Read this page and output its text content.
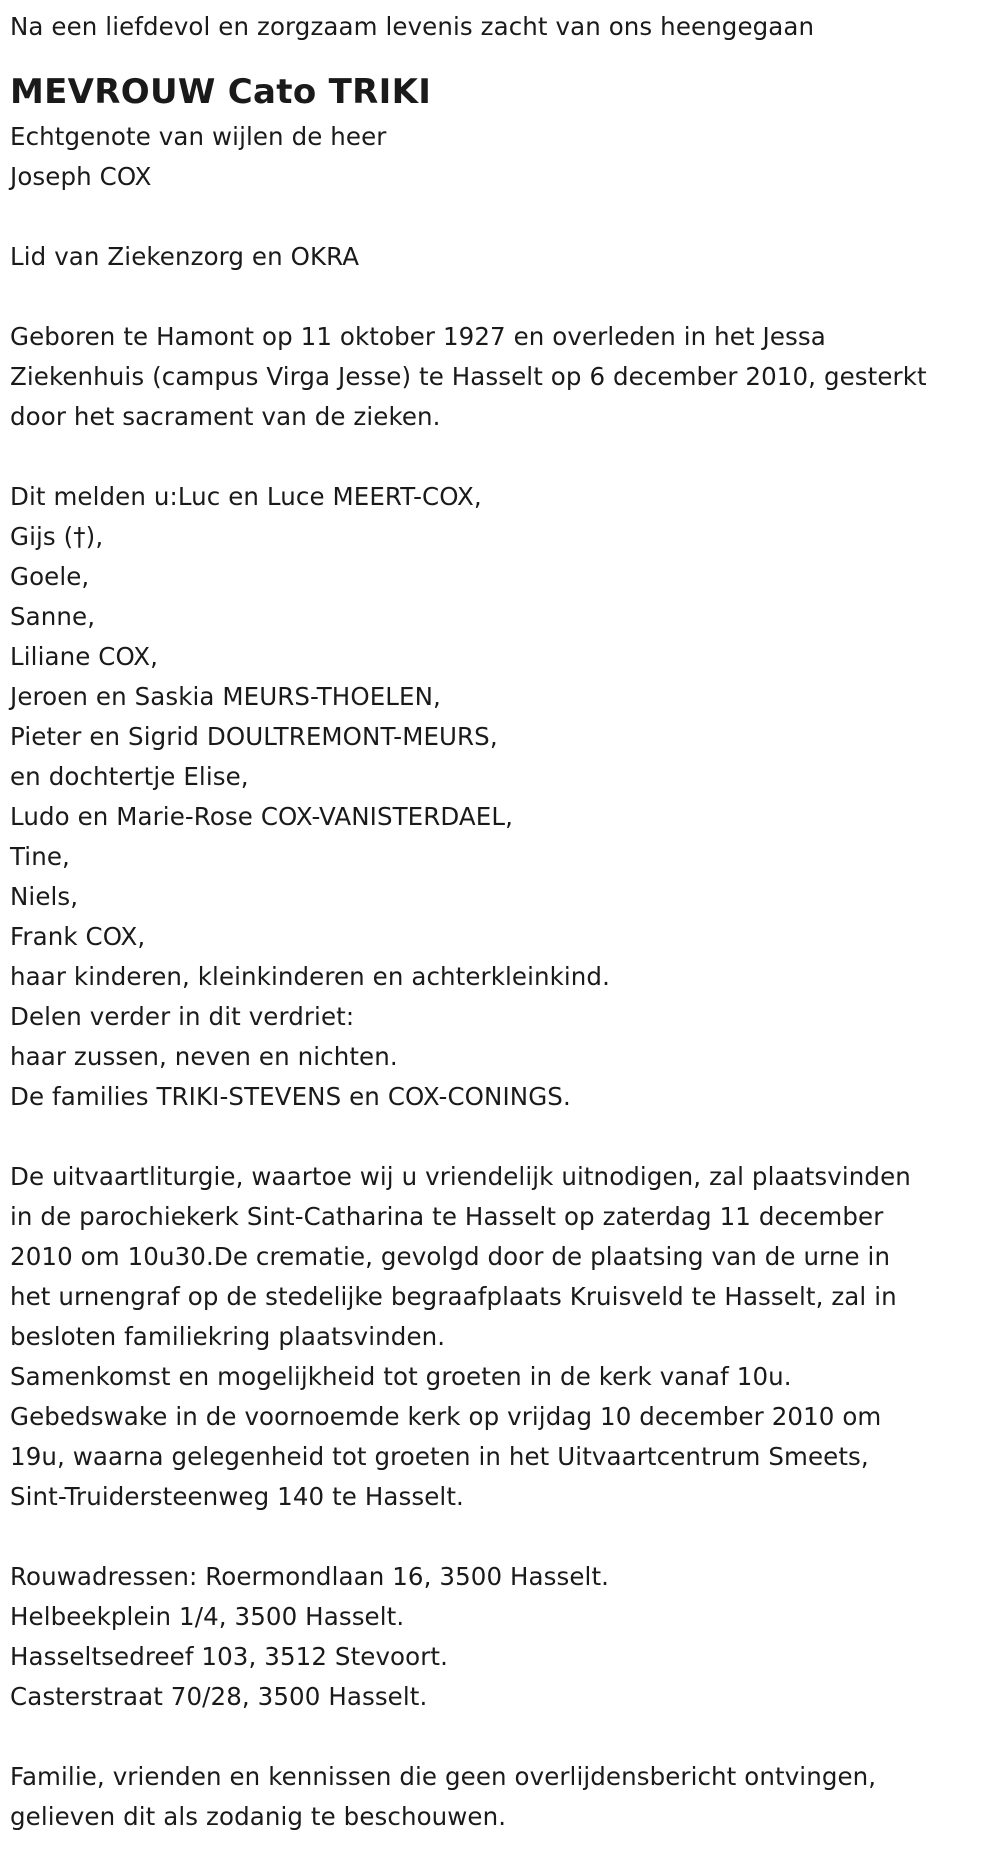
Na een liefdevol en zorgzaam levenis zacht van ons heengegaan
MEVROUW Cato TRIKI
Echtgenote van wijlen de heer
Joseph COX
Lid van Ziekenzorg en OKRA
Geboren te Hamont op 11 oktober 1927 en overleden in het Jessa
Ziekenhuis (campus Virga Jesse) te Hasselt op 6 december 2010, gesterkt
door het sacrament van de zieken.
Dit melden u:Luc en Luce MEERT-COX,
Gijs (†),
Goele,
Sanne,
Liliane COX,
Jeroen en Saskia MEURS-THOELEN,
Pieter en Sigrid DOULTREMONT-MEURS,
en dochtertje Elise,
Ludo en Marie-Rose COX-VANISTERDAEL,
Tine,
Niels,
Frank COX,
haar kinderen, kleinkinderen en achterkleinkind.
Delen verder in dit verdriet:
haar zussen, neven en nichten.
De families TRIKI-STEVENS en COX-CONINGS.
De uitvaartliturgie, waartoe wij u vriendelijk uitnodigen, zal plaatsvinden
in de parochiekerk Sint-Catharina te Hasselt op zaterdag 11 december
2010 om 10u30.De crematie, gevolgd door de plaatsing van de urne in
het urnengraf op de stedelijke begraafplaats Kruisveld te Hasselt, zal in
besloten familiekring plaatsvinden.
Samenkomst en mogelijkheid tot groeten in de kerk vanaf 10u.
Gebedswake in de voornoemde kerk op vrijdag 10 december 2010 om
19u, waarna gelegenheid tot groeten in het Uitvaartcentrum Smeets,
Sint-Truidersteenweg 140 te Hasselt.
Rouwadressen: Roermondlaan 16, 3500 Hasselt.
Helbeekplein 1/4, 3500 Hasselt.
Hasseltsedreef 103, 3512 Stevoort.
Casterstraat 70/28, 3500 Hasselt.
Familie, vrienden en kennissen die geen overlijdensbericht ontvingen,
gelieven dit als zodanig te beschouwen.
